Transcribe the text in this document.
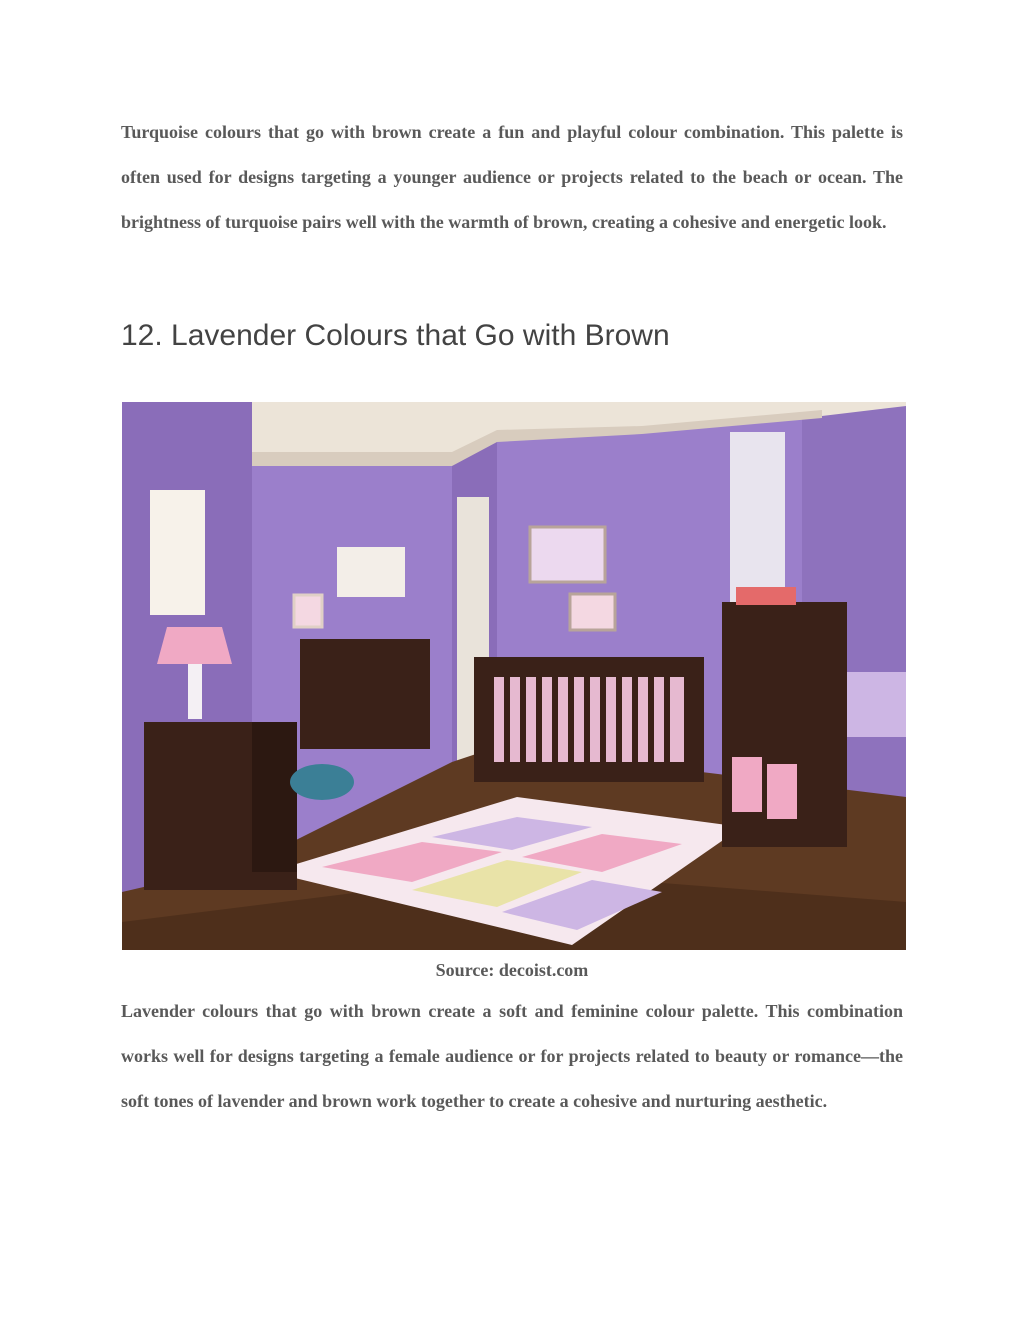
Turquoise colours that go with brown create a fun and playful colour combination. This palette is often used for designs targeting a younger audience or projects related to the beach or ocean. The brightness of turquoise pairs well with the warmth of brown, creating a cohesive and energetic look.

12. Lavender Colours that Go with Brown

Source: decoist.com

Lavender colours that go with brown create a soft and feminine colour palette. This combination works well for designs targeting a female audience or for projects related to beauty or romance—the soft tones of lavender and brown work together to create a cohesive and nurturing aesthetic.
